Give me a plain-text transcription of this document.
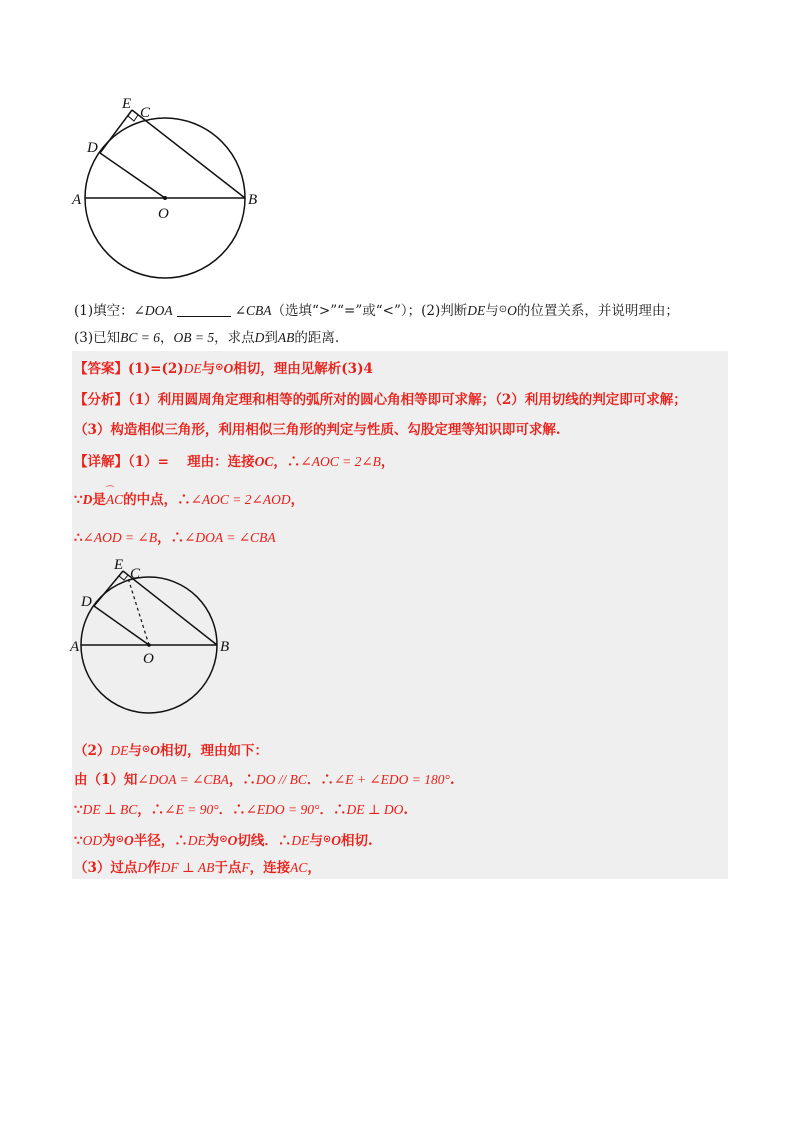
E
C
D
A
O
B
(1)填空：∠DOA	∠CBA（选填“>”“=”或“<”）；(2)判断DE与⊙O的位置关系，并说明理由；
(3)已知BC = 6，OB = 5，求点D到AB的距离.
【答案】(1)=(2)DE与⊙O相切，理由见解析(3)4
【分析】（1）利用圆周角定理和相等的弧所对的圆心角相等即可求解；（2）利用切线的判定即可求解；
（3）构造相似三角形，利用相似三角形的判定与性质、勾股定理等知识即可求解.
【详解】（1）=　 理由：连接OC，∴∠AOC = 2∠B，
∵D是
⌒
AC的中点，∴∠AOC = 2∠AOD，
∴∠AOD = ∠B，∴∠DOA = ∠CBA
E
C
D
A
O
B
（2）DE与⊙O相切，理由如下：
由（1）知∠DOA = ∠CBA，∴DO // BC．∴∠E + ∠EDO = 180°.
∵DE ⊥ BC，∴∠E = 90°．∴∠EDO = 90°．∴DE ⊥ DO.
∵OD为⊙O半径，∴DE为⊙O切线．∴DE与⊙O相切.
（3）过点D作DF ⊥ AB于点F，连接AC，
